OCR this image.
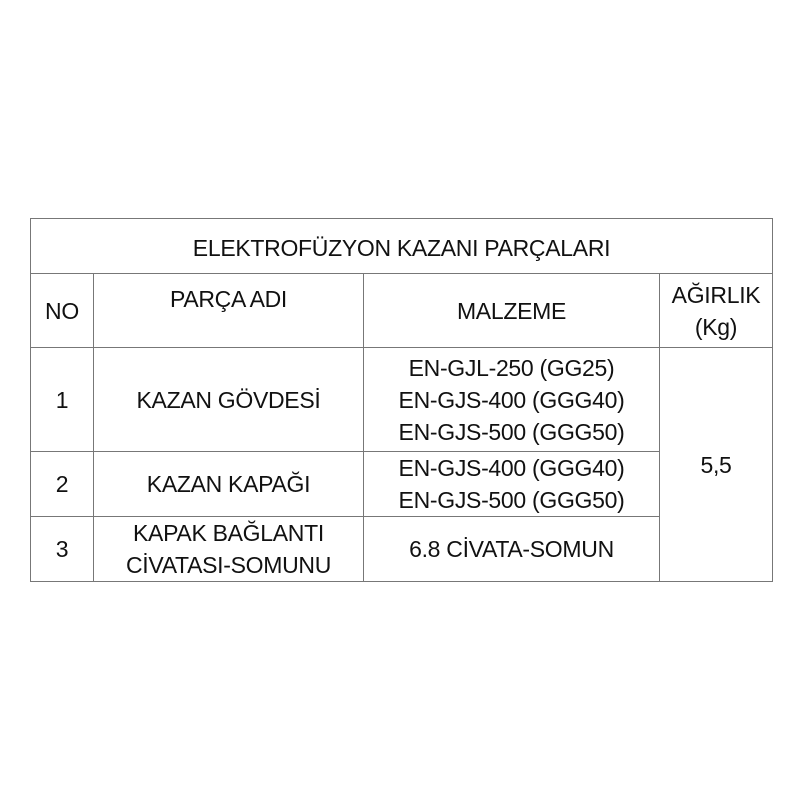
ELEKTROFÜZYON KAZANI PARÇALARI			
NO	PARÇA ADI	MALZEME	AĞIRLIK
(Kg)

1	KAZAN GÖVDESİ	EN-GJL-250 (GG25)
EN-GJS-400 (GGG40)
EN-GJS-500 (GGG50)	5,5
2	KAZAN KAPAĞI	EN-GJS-400 (GGG40)
EN-GJS-500 (GGG50)	

3	KAPAK BAĞLANTI
CİVATASI-SOMUNU	6.8 CİVATA-SOMUN	
